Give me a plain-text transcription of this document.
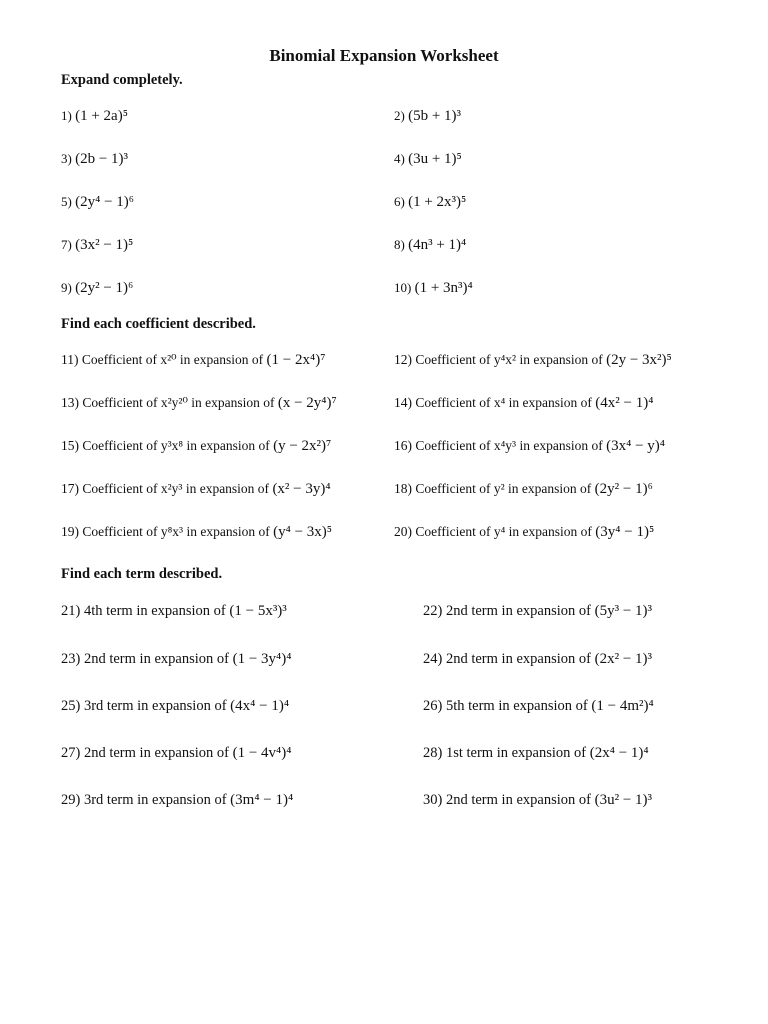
Binomial Expansion Worksheet
Expand completely.
1) (1 + 2a)⁵	2) (5b + 1)³
3) (2b − 1)³	4) (3u + 1)⁵
5) (2y⁴ − 1)⁶	6) (1 + 2x³)⁵
7) (3x² − 1)⁵	8) (4n³ + 1)⁴
9) (2y² − 1)⁶	10) (1 + 3n³)⁴
Find each coefficient described.
11) Coefficient of x²⁰ in expansion of (1 − 2x⁴)⁷	12) Coefficient of y⁴x² in expansion of (2y − 3x²)⁵
13) Coefficient of x²y²⁰ in expansion of (x − 2y⁴)⁷	14) Coefficient of x⁴ in expansion of (4x² − 1)⁴
15) Coefficient of y³x⁸ in expansion of (y − 2x²)⁷	16) Coefficient of x⁴y³ in expansion of (3x⁴ − y)⁴
17) Coefficient of x²y³ in expansion of (x² − 3y)⁴	18) Coefficient of y² in expansion of (2y² − 1)⁶
19) Coefficient of y⁸x³ in expansion of (y⁴ − 3x)⁵	20) Coefficient of y⁴ in expansion of (3y⁴ − 1)⁵
Find each term described.
21) 4th term in expansion of (1 − 5x³)³	22) 2nd term in expansion of (5y³ − 1)³
23) 2nd term in expansion of (1 − 3y⁴)⁴	24) 2nd term in expansion of (2x² − 1)³
25) 3rd term in expansion of (4x⁴ − 1)⁴	26) 5th term in expansion of (1 − 4m²)⁴
27) 2nd term in expansion of (1 − 4v⁴)⁴	28) 1st term in expansion of (2x⁴ − 1)⁴
29) 3rd term in expansion of (3m⁴ − 1)⁴	30) 2nd term in expansion of (3u² − 1)³
